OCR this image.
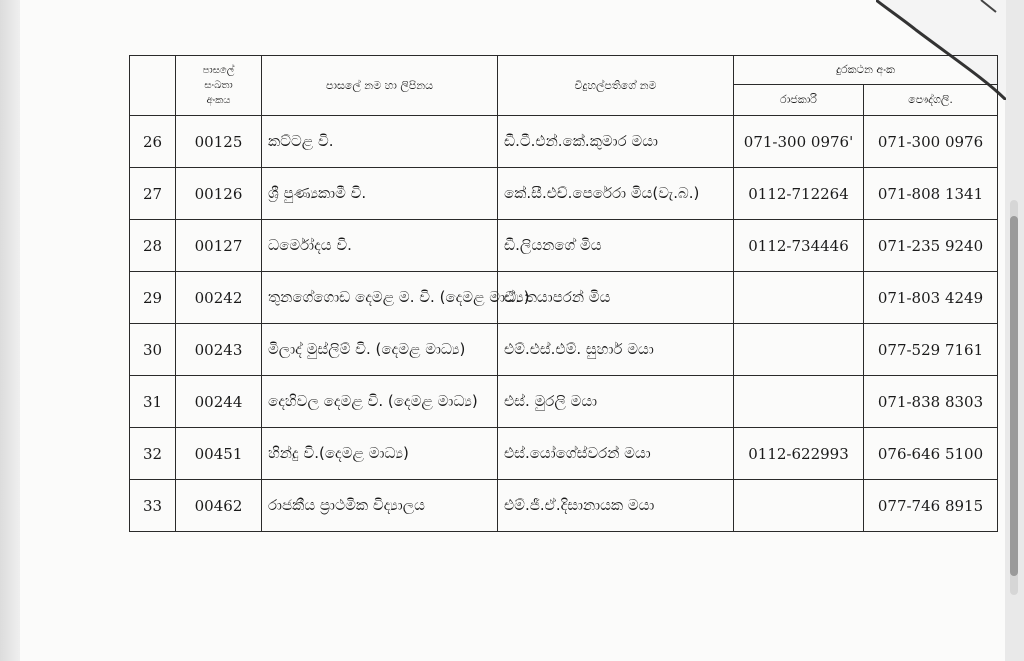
	පාසලේ
සංඛතා
අංකය	පාසලේ නම හා ලිපිනය	විදුහල්පතිගේ නම	දුරකථන අංක	
				රාජකාරි	පෞද්ගලි.
26	00125	කට්ටළ වි.	ඩී.ටී.එන්.කේ.කුමාර මයා	071-300 0976'	071-300 0976
27	00126	ශ්‍රී පුණ්‍යකාමී වි.	කේ.සී.එච්.පෙරේරා මිය(වැ.බ.)	0112-712264	071-808 1341
28	00127	ධර්මෝදය වි.	ඩී.ලියනගේ මිය	0112-734446	071-235 9240
29	00242	තුනගේගොඩ දෙමළ ම. වි. (දෙමළ මාධ්‍ය)	ඒ. තයාපරන් මිය		071-803 4249
30	00243	මිලාද් මුස්ලිම් වි. (දෙමළ මාධ්‍ය)	එම්.එස්.එම්. සුහාර් මයා		077-529 7161
31	00244	දෙහිවල දෙමළ වි. (දෙමළ මාධ්‍ය)	එස්. මුරලි මයා		071-838 8303
32	00451	හින්දු වි.(දෙමළ මාධ්‍ය)	එස්.යෝගේස්වරන් මයා	0112-622993	076-646 5100
33	00462	රාජකීය ප්‍රාථමික විද්‍යාලය	එම්.ජී.ඒ.දිසානායක මයා		077-746 8915
